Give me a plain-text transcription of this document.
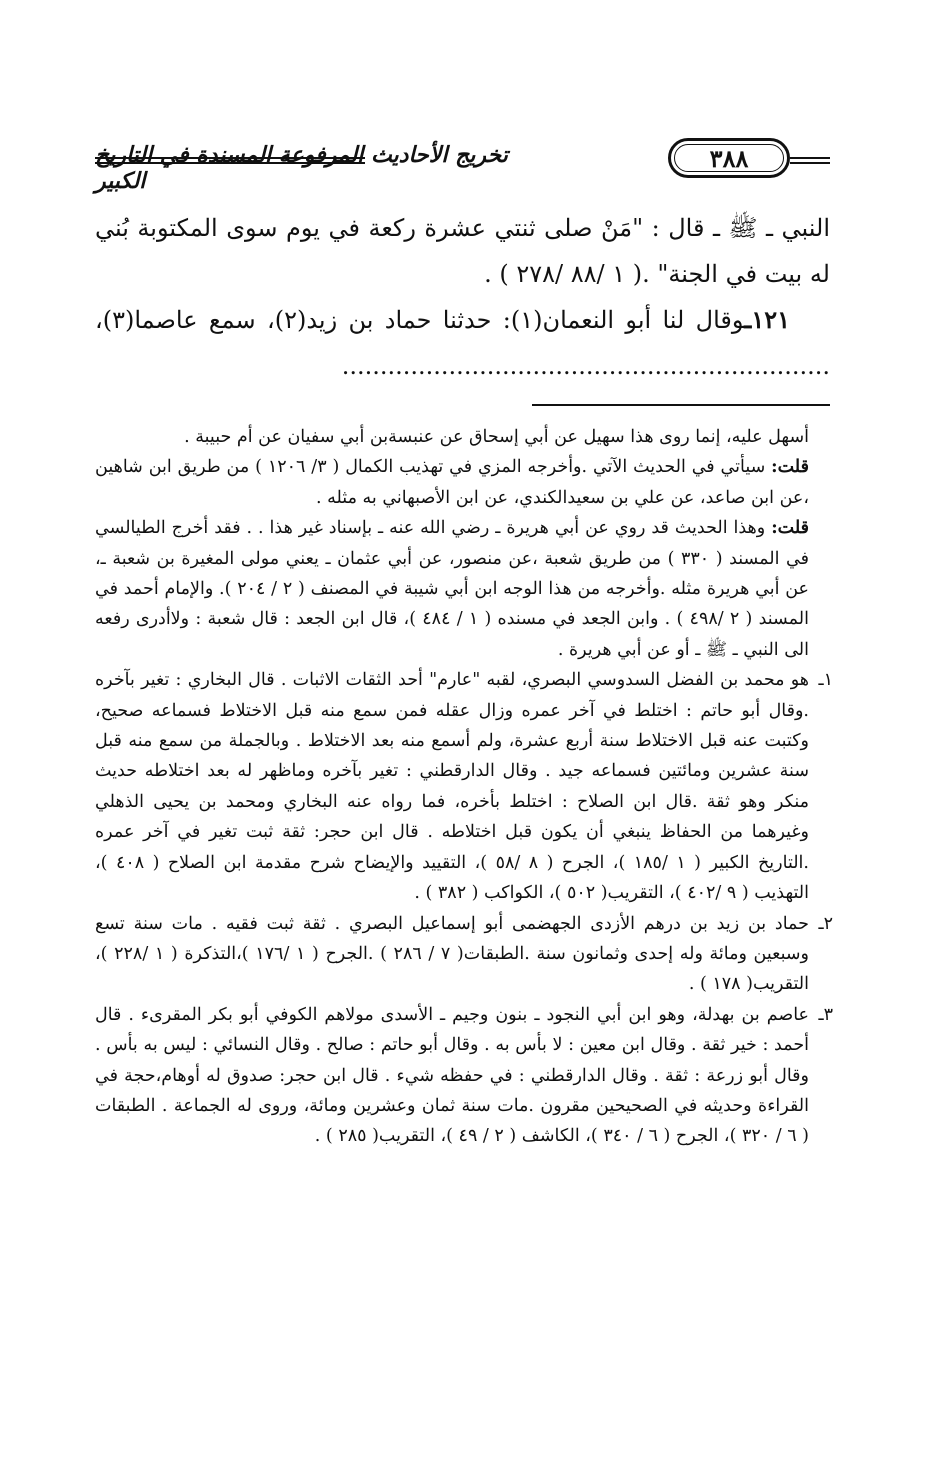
تخريج الأحاديث المرفوعة المسندة في التاريخ الكبير
٣٨٨

النبي ـ ﷺ ـ قال : "مَنْ صلى ثنتي عشرة ركعة في يوم سوى المكتوبة بُني له بيت في الجنة" .( ١ /٨٨ /٢٧٨ ) .

١٢١ـوقال لنا أبو النعمان(١): حدثنا حماد بن زيد(٢)، سمع عاصما(٣)، ................................................................

أسهل عليه، إنما روى هذا سهيل عن أبي إسحاق عن عنبسةبن أبي سفيان عن أم حبيبة .

قلت: سيأتي في الحديث الآتي .وأخرجه المزي في تهذيب الكمال ( ٣/ ١٢٠٦ ) من طريق ابن شاهين ،عن ابن صاعد، عن علي بن سعيدالكندي، عن ابن الأصبهاني به مثله .

قلت: وهذا الحديث قد روي عن أبي هريرة ـ رضي الله عنه ـ بإسناد غير هذا . . فقد أخرج الطيالسي في المسند ( ٣٣٠ ) من طريق شعبة ،عن منصور، عن أبي عثمان ـ يعني مولى المغيرة بن شعبة ـ، عن أبي هريرة مثله .وأخرجه من هذا الوجه ابن أبي شيبة في المصنف ( ٢ / ٢٠٤ ). والإمام أحمد في المسند ( ٢ /٤٩٨ ) . وابن الجعد في مسنده ( ١ / ٤٨٤ )، قال ابن الجعد : قال شعبة : ولاأدرى رفعه الى النبي ـ ﷺ ـ أو عن أبي هريرة .

١ـ
هو محمد بن الفضل السدوسي البصري، لقبه "عارم" أحد الثقات الاثبات . قال البخاري : تغير بآخره .وقال أبو حاتم : اختلط في آخر عمره وزال عقله فمن سمع منه قبل الاختلاط فسماعه صحيح، وكتبت عنه قبل الاختلاط سنة أربع عشرة، ولم أسمع منه بعد الاختلاط . وبالجملة من سمع منه قبل سنة عشرين ومائتين فسماعه جيد . وقال الدارقطني : تغير بآخره وماظهر له بعد اختلاطه حديث منكر وهو ثقة .قال ابن الصلاح : اختلط بأخره، فما رواه عنه البخاري ومحمد بن يحيى الذهلي وغيرهما من الحفاظ ينبغي أن يكون قبل اختلاطه . قال ابن حجر: ثقة ثبت تغير في آخر عمره .التاريخ الكبير ( ١ /١٨٥ )، الجرح ( ٨ /٥٨ )، التقييد والإيضاح شرح مقدمة ابن الصلاح ( ٤٠٨ )، التهذيب ( ٩ /٤٠٢ )، التقريب( ٥٠٢ )، الكواكب ( ٣٨٢ ) .

٢ـ
حماد بن زيد بن درهم الأزدى الجهضمى أبو إسماعيل البصري . ثقة ثبت فقيه . مات سنة تسع وسبعين ومائة وله إحدى وثمانون سنة .الطبقات( ٧ / ٢٨٦ ) .الجرح ( ١ /١٧٦ )،التذكرة ( ١ /٢٢٨ )، التقريب( ١٧٨ ) .

٣ـ
عاصم بن بهدلة، وهو ابن أبي النجود ـ بنون وجيم ـ الأسدى مولاهم الكوفي أبو بكر المقرىء . قال أحمد : خير ثقة . وقال ابن معين : لا بأس به . وقال أبو حاتم : صالح . وقال النسائي : ليس به بأس . وقال أبو زرعة : ثقة . وقال الدارقطني : في حفظه شيء . قال ابن حجر: صدوق له أوهام،حجة في القراءة وحديثه في الصحيحين مقرون .مات سنة ثمان وعشرين ومائة، وروى له الجماعة . الطبقات ( ٦ / ٣٢٠ )، الجرح ( ٦ / ٣٤٠ )، الكاشف ( ٢ / ٤٩ )، التقريب( ٢٨٥ ) .
